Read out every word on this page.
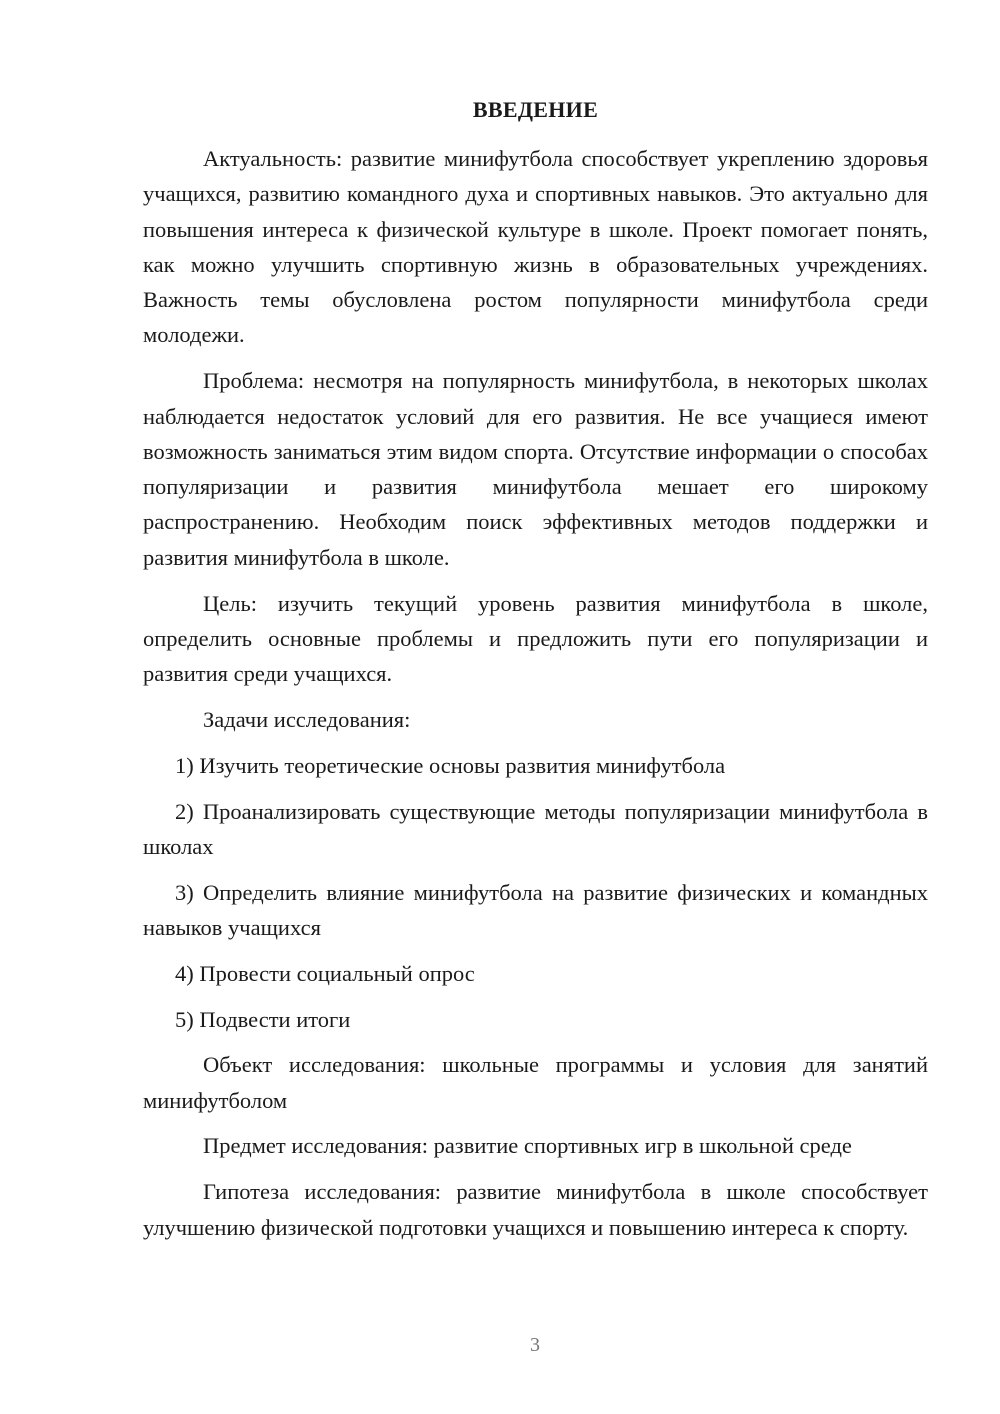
ВВЕДЕНИЕ

Актуальность: развитие минифутбола способствует укреплению здоровья учащихся, развитию командного духа и спортивных навыков. Это актуально для повышения интереса к физической культуре в школе. Проект помогает понять, как можно улучшить спортивную жизнь в образовательных учреждениях. Важность темы обусловлена ростом популярности минифутбола среди молодежи.

Проблема: несмотря на популярность минифутбола, в некоторых школах наблюдается недостаток условий для его развития. Не все учащиеся имеют возможность заниматься этим видом спорта. Отсутствие информации о способах популяризации и развития минифутбола мешает его широкому распространению. Необходим поиск эффективных методов поддержки и развития минифутбола в школе.

Цель: изучить текущий уровень развития минифутбола в школе, определить основные проблемы и предложить пути его популяризации и развития среди учащихся.

Задачи исследования:

1) Изучить теоретические основы развития минифутбола

2) Проанализировать существующие методы популяризации минифутбола в школах

3) Определить влияние минифутбола на развитие физических и командных навыков учащихся

4) Провести социальный опрос

5) Подвести итоги

Объект исследования: школьные программы и условия для занятий минифутболом

Предмет исследования: развитие спортивных игр в школьной среде

Гипотеза исследования: развитие минифутбола в школе способствует улучшению физической подготовки учащихся и повышению интереса к спорту.

3
